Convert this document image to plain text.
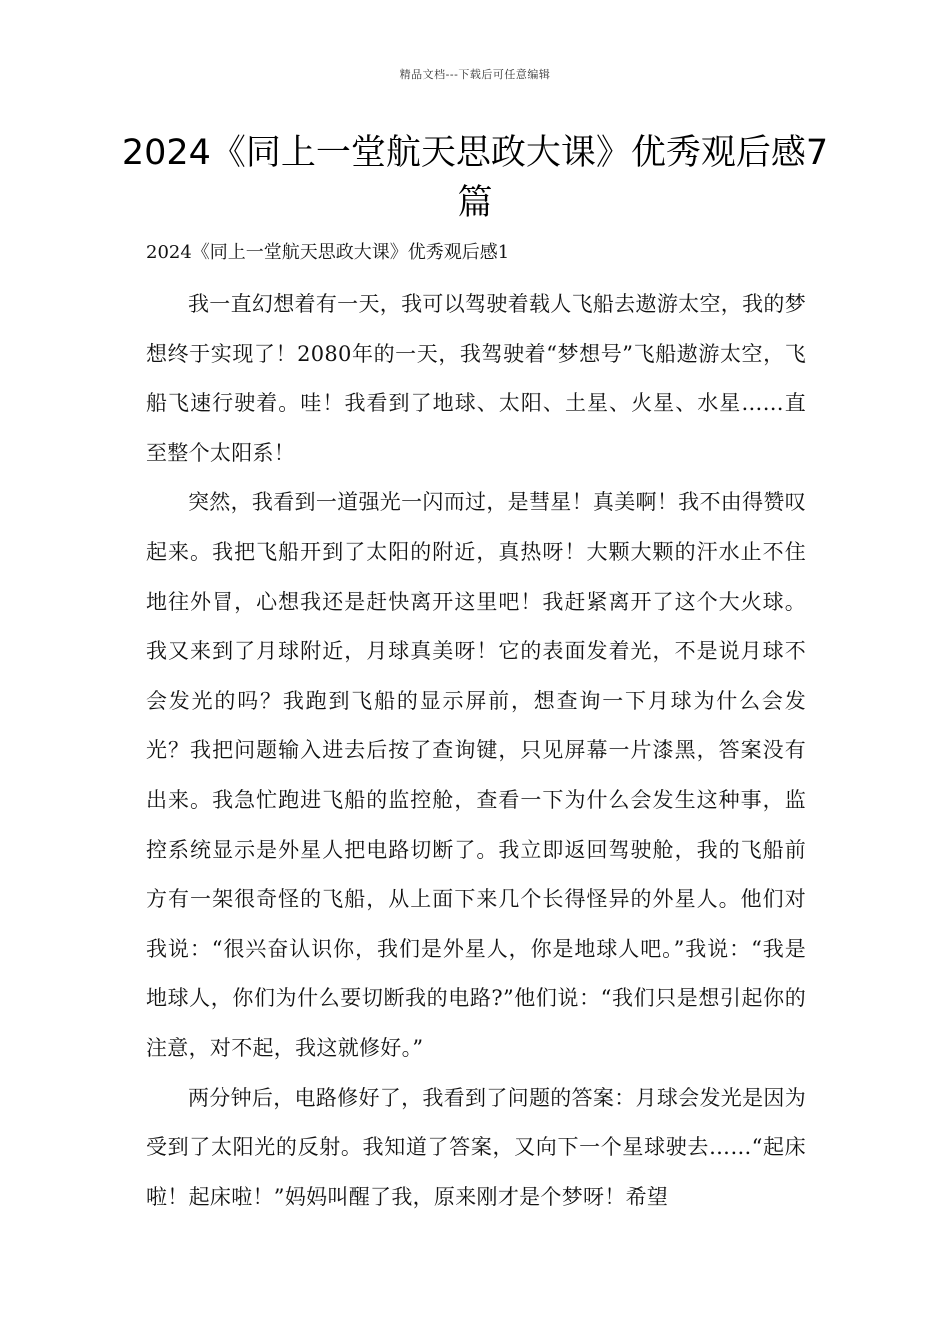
精品文档---下载后可任意编辑
2024《同上一堂航天思政大课》优秀观后感7篇
2024《同上一堂航天思政大课》优秀观后感1

我一直幻想着有一天，我可以驾驶着载人飞船去遨游太空，我的梦想终于实现了！2080年的一天，我驾驶着“梦想号”飞船遨游太空，飞船飞速行驶着。哇！我看到了地球、太阳、土星、火星、水星……直至整个太阳系！

突然，我看到一道强光一闪而过，是彗星！真美啊！我不由得赞叹起来。我把飞船开到了太阳的附近，真热呀！大颗大颗的汗水止不住地往外冒，心想我还是赶快离开这里吧！我赶紧离开了这个大火球。我又来到了月球附近，月球真美呀！它的表面发着光，不是说月球不会发光的吗？我跑到飞船的显示屏前，想查询一下月球为什么会发光？我把问题输入进去后按了查询键，只见屏幕一片漆黑，答案没有出来。我急忙跑进飞船的监控舱，查看一下为什么会发生这种事，监控系统显示是外星人把电路切断了。我立即返回驾驶舱，我的飞船前方有一架很奇怪的飞船，从上面下来几个长得怪异的外星人。他们对我说：“很兴奋认识你，我们是外星人，你是地球人吧。”我说：“我是地球人，你们为什么要切断我的电路?”他们说：“我们只是想引起你的注意，对不起，我这就修好。”

两分钟后，电路修好了，我看到了问题的答案：月球会发光是因为受到了太阳光的反射。我知道了答案，又向下一个星球驶去……“起床啦！起床啦！”妈妈叫醒了我，原来刚才是个梦呀！希望
